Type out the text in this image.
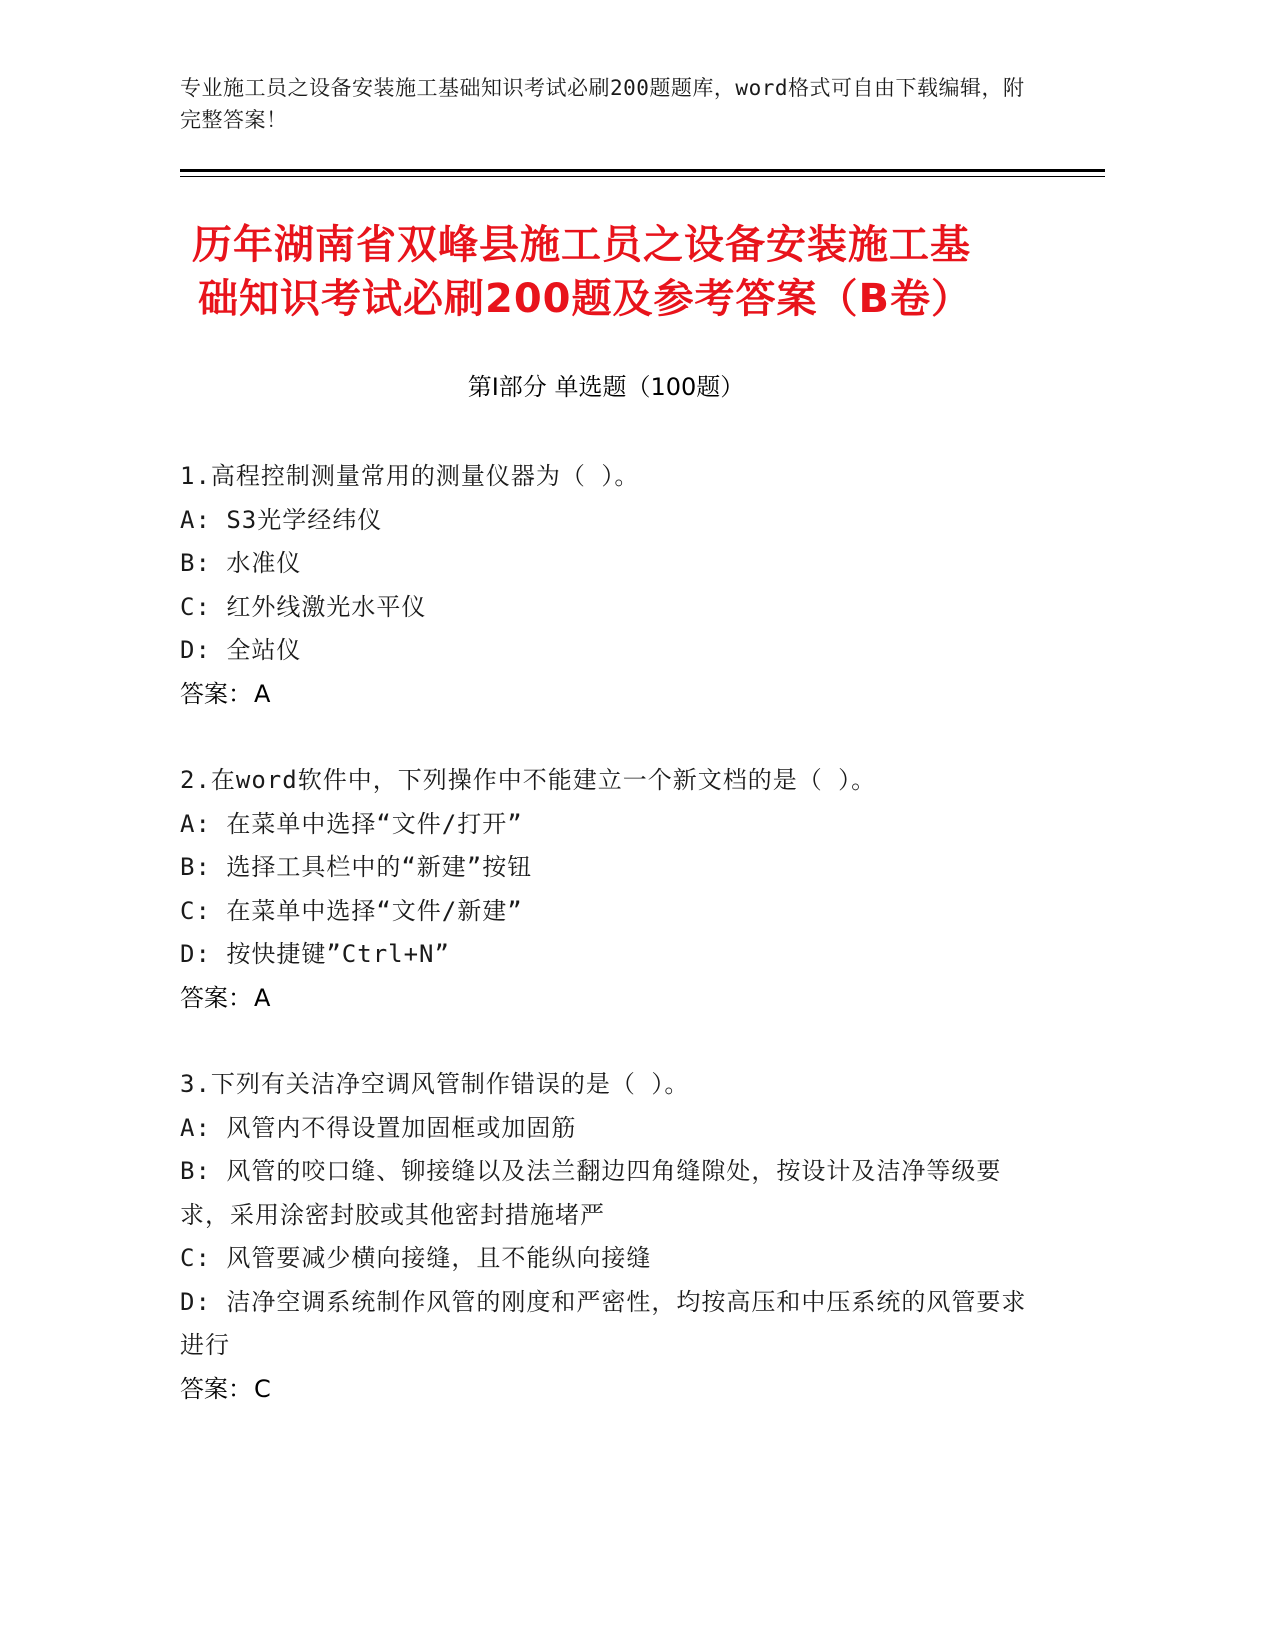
专业施工员之设备安装施工基础知识考试必刷200题题库，word格式可自由下载编辑，附完整答案！
历年湖南省双峰县施工员之设备安装施工基
础知识考试必刷200题及参考答案（B卷）
第Ⅰ部分 单选题（100题）
1.高程控制测量常用的测量仪器为（ ）。
A: S3光学经纬仪
B: 水准仪
C: 红外线激光水平仪
D: 全站仪
答案：A
2.在word软件中，下列操作中不能建立一个新文档的是（ ）。
A: 在菜单中选择“文件/打开”
B: 选择工具栏中的“新建”按钮
C: 在菜单中选择“文件/新建”
D: 按快捷键”Ctrl+N”
答案：A
3.下列有关洁净空调风管制作错误的是（ ）。
A: 风管内不得设置加固框或加固筋
B: 风管的咬口缝、铆接缝以及法兰翻边四角缝隙处，按设计及洁净等级要求，采用涂密封胶或其他密封措施堵严
C: 风管要减少横向接缝，且不能纵向接缝
D: 洁净空调系统制作风管的刚度和严密性，均按高压和中压系统的风管要求进行
答案：C
